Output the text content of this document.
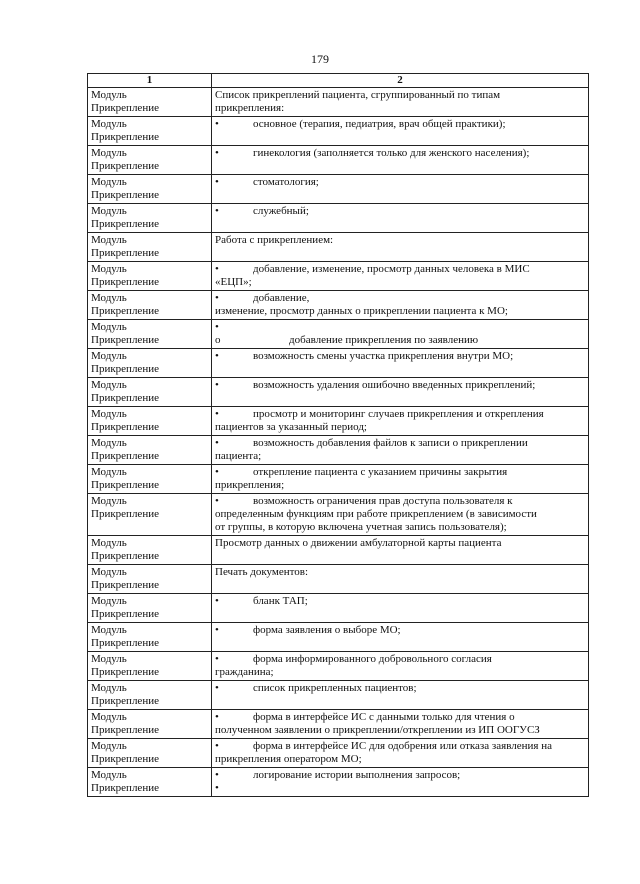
179
1	2

Модуль
Прикрепление	Список прикреплений пациента, сгруппированный по типам
прикрепления:

Модуль
Прикрепление	• основное (терапия, педиатрия, врач общей практики);

Модуль
Прикрепление	• гинекология (заполняется только для женского населения);

Модуль
Прикрепление	• стоматология;

Модуль
Прикрепление	• служебный;

Модуль
Прикрепление	Работа с прикреплением:

Модуль
Прикрепление	• добавление, изменение, просмотр данных человека в МИС
«ЕЦП»;

Модуль
Прикрепление	• добавление,
изменение, просмотр данных о прикреплении пациента к МО;

Модуль
Прикрепление	•
о добавление прикрепления по заявлению

Модуль
Прикрепление	• возможность смены участка прикрепления внутри МО;

Модуль
Прикрепление	• возможность удаления ошибочно введенных прикреплений;

Модуль
Прикрепление	• просмотр и мониторинг случаев прикрепления и открепления
пациентов за указанный период;

Модуль
Прикрепление	• возможность добавления файлов к записи о прикреплении
пациента;

Модуль
Прикрепление	• открепление пациента с указанием причины закрытия
прикрепления;

Модуль
Прикрепление	• возможность ограничения прав доступа пользователя к
определенным функциям при работе прикреплением (в зависимости
от группы, в которую включена учетная запись пользователя);

Модуль
Прикрепление	Просмотр данных о движении амбулаторной карты пациента

Модуль
Прикрепление	Печать документов:

Модуль
Прикрепление	• бланк ТАП;

Модуль
Прикрепление	• форма заявления о выборе МО;

Модуль
Прикрепление	• форма информированного добровольного согласия
гражданина;

Модуль
Прикрепление	• список прикрепленных пациентов;

Модуль
Прикрепление	• форма в интерфейсе ИС с данными только для чтения о
полученном заявлении о прикреплении/откреплении из ИП ООГУСЗ

Модуль
Прикрепление	• форма в интерфейсе ИС для одобрения или отказа заявления на
прикрепления оператором МО;

Модуль
Прикрепление	• логирование истории выполнения запросов;
•
